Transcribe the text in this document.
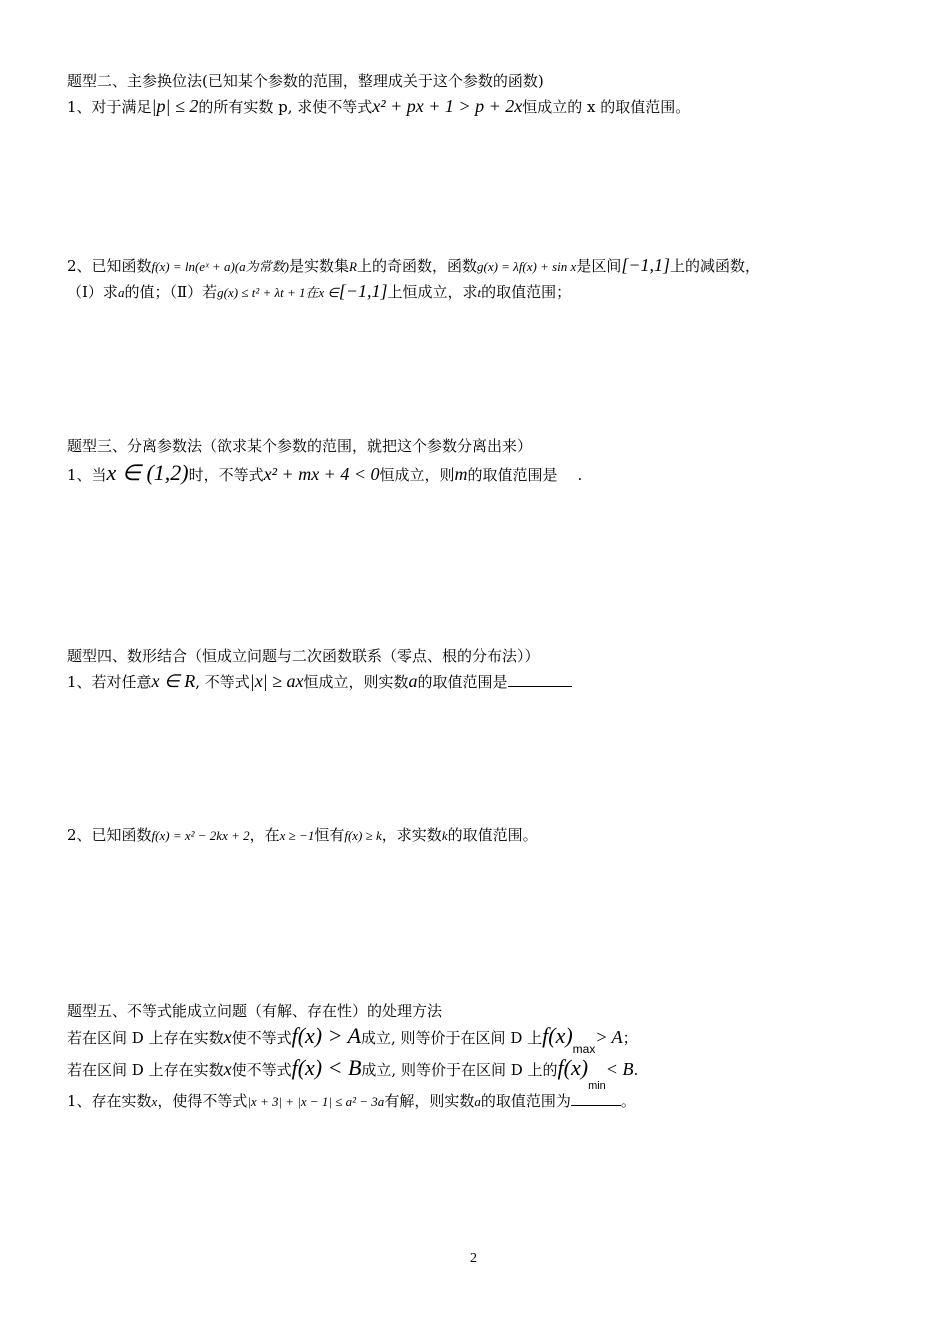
题型二、主参换位法(已知某个参数的范围，整理成关于这个参数的函数)
1、对于满足|p| ≤ 2的所有实数 p, 求使不等式x² + px + 1 > p + 2x恒成立的 x 的取值范围。
2、已知函数f(x) = ln(eˣ + a)(a为常数)是实数集R上的奇函数，函数g(x) = λf(x) + sin x是区间[−1,1]上的减函数，
（Ⅰ）求a的值；（Ⅱ）若g(x) ≤ t² + λt + 1在x ∈[−1,1]上恒成立，求t的取值范围；
题型三、分离参数法（欲求某个参数的范围，就把这个参数分离出来）
1、当x ∈ (1,2)时，不等式x² + mx + 4 < 0恒成立，则m的取值范围是 .
题型四、数形结合（恒成立问题与二次函数联系（零点、根的分布法））
1、若对任意x ∈ R, 不等式|x| ≥ ax恒成立，则实数a的取值范围是
2、已知函数f(x) = x² − 2kx + 2，在x ≥ −1恒有f(x) ≥ k，求实数k的取值范围。
题型五、不等式能成立问题（有解、存在性）的处理方法
若在区间 D 上存在实数x使不等式f(x) > A成立, 则等价于在区间 D 上$f(x)_{max}> A$；
若在区间 D 上存在实数x使不等式f(x) < B成立, 则等价于在区间 D 上的$f(x)_{min}< B$.
1、存在实数x，使得不等式|x + 3| + |x − 1| ≤ a² − 3a有解，则实数a的取值范围为	。
2
